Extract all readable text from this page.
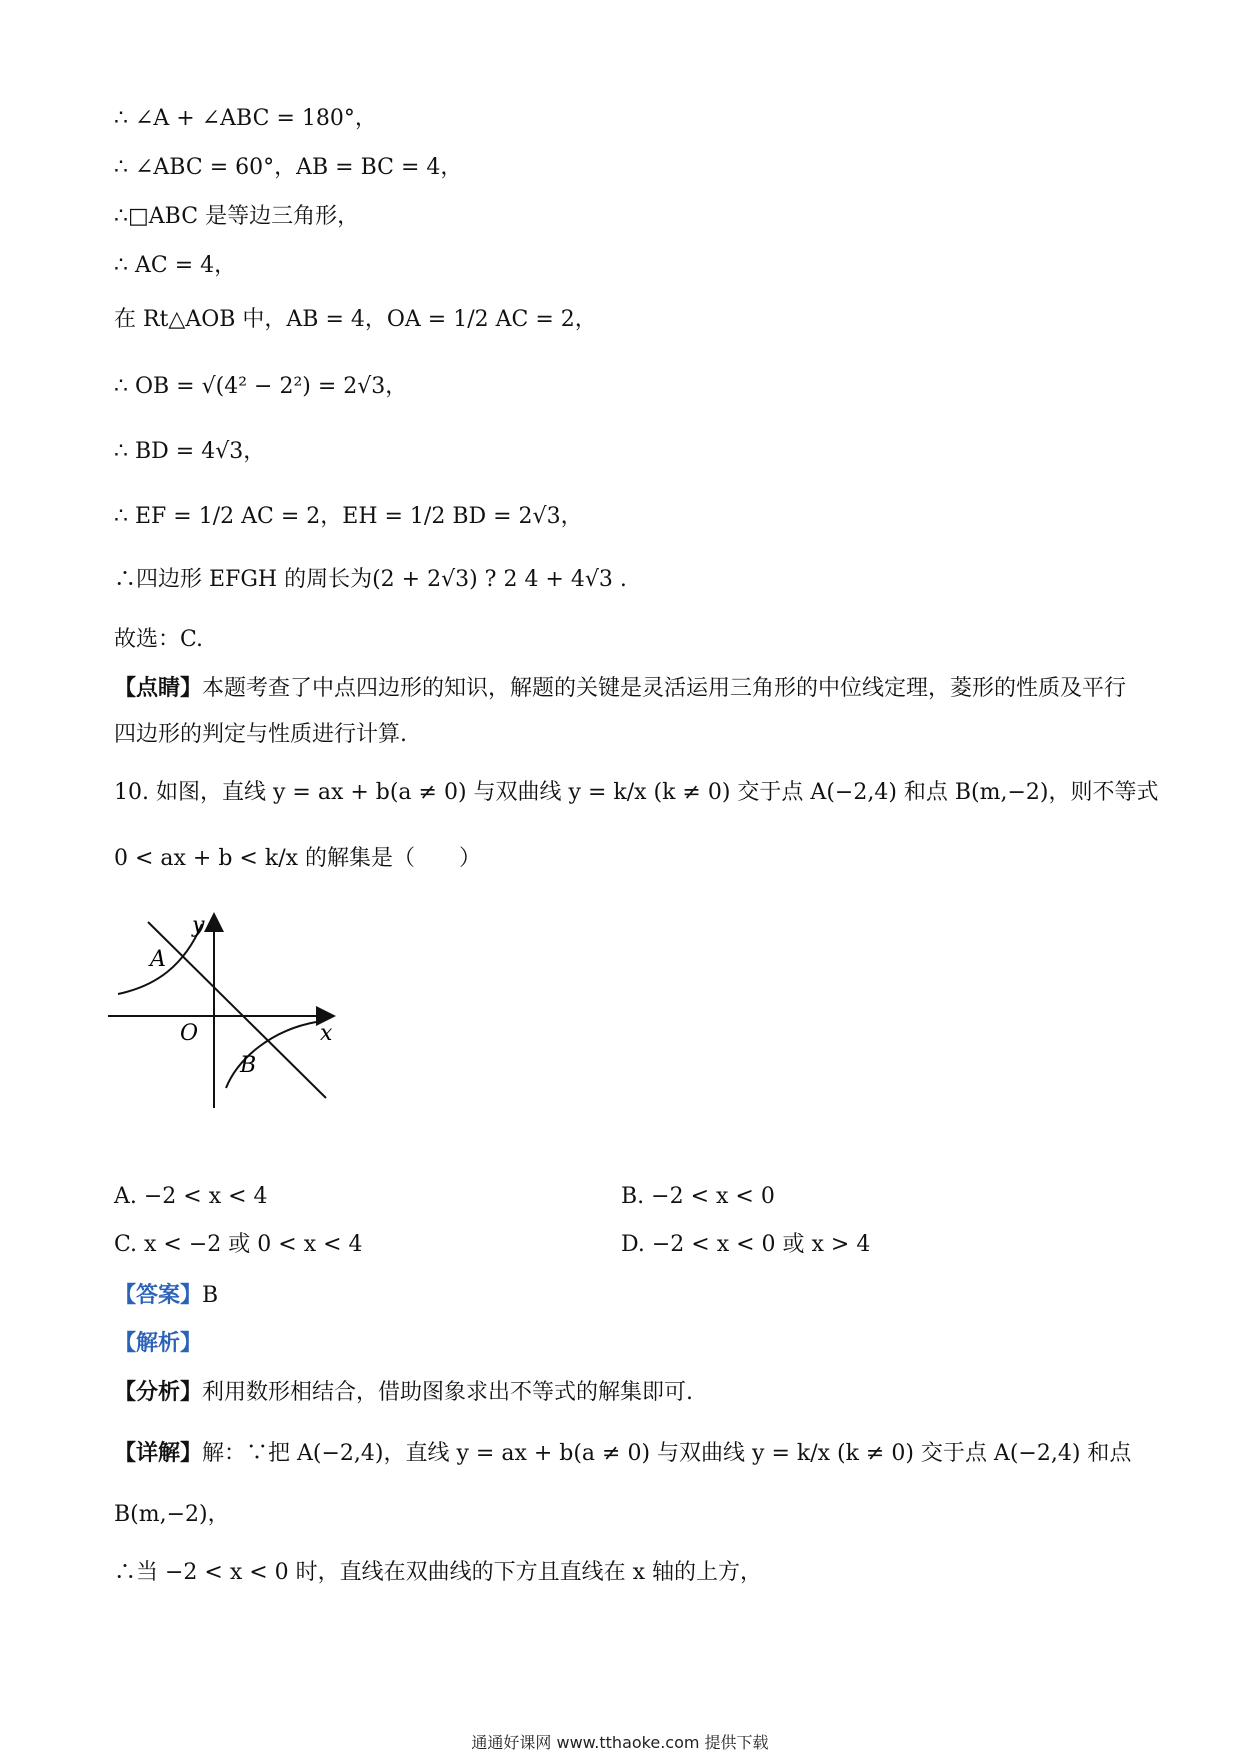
∴ ∠A + ∠ABC = 180°，
∴ ∠ABC = 60°，AB = BC = 4，
∴□ABC 是等边三角形，
∴ AC = 4，
在 Rt△AOB 中，AB = 4，OA = 1/2 AC = 2，
∴ OB = √(4² − 2²) = 2√3，
∴ BD = 4√3，
∴ EF = 1/2 AC = 2，EH = 1/2 BD = 2√3，
∴四边形 EFGH 的周长为(2 + 2√3) ? 2 4 + 4√3 .
故选：C.
【点睛】本题考查了中点四边形的知识，解题的关键是灵活运用三角形的中位线定理，菱形的性质及平行四边形的判定与性质进行计算.
10. 如图，直线 y = ax + b(a ≠ 0) 与双曲线 y = k/x (k ≠ 0) 交于点 A(−2,4) 和点 B(m,−2)，则不等式
0 < ax + b < k/x 的解集是（　　）
y
x
O
A
B
A. −2 < x < 4	B. −2 < x < 0
C. x < −2 或 0 < x < 4	D. −2 < x < 0 或 x > 4
【答案】B
【解析】
【分析】利用数形相结合，借助图象求出不等式的解集即可.
【详解】解：∵把 A(−2,4)，直线 y = ax + b(a ≠ 0) 与双曲线 y = k/x (k ≠ 0) 交于点 A(−2,4) 和点
B(m,−2)，
∴当 −2 < x < 0 时，直线在双曲线的下方且直线在 x 轴的上方，
通通好课网 www.tthaoke.com 提供下载
